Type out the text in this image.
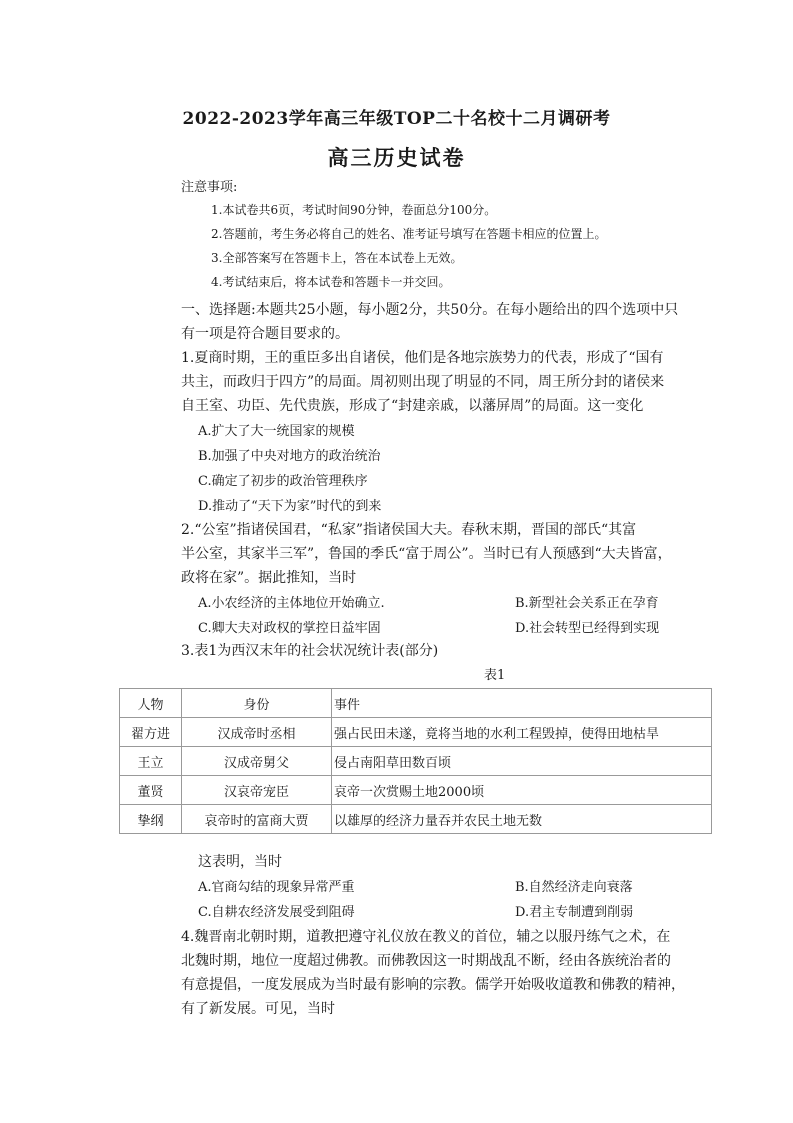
2022-2023学年高三年级TOP二十名校十二月调研考
高三历史试卷
注意事项:
1.本试卷共6页，考试时间90分钟，卷面总分100分。
2.答题前，考生务必将自己的姓名、准考证号填写在答题卡相应的位置上。
3.全部答案写在答题卡上，答在本试卷上无效。
4.考试结束后，将本试卷和答题卡一并交回。
一、选择题:本题共25小题，每小题2分，共50分。在每小题给出的四个选项中只
有一项是符合题目要求的。
1.夏商时期，王的重臣多出自诸侯，他们是各地宗族势力的代表，形成了“国有
共主，而政归于四方”的局面。周初则出现了明显的不同，周王所分封的诸侯来
自王室、功臣、先代贵族，形成了“封建亲戚，以藩屏周”的局面。这一变化
A.扩大了大一统国家的规模
B.加强了中央对地方的政治统治
C.确定了初步的政治管理秩序
D.推动了“天下为家”时代的到来
2.“公室”指诸侯国君，“私家”指诸侯国大夫。春秋末期，晋国的部氏“其富
半公室，其家半三军”，鲁国的季氏“富于周公”。当时已有人预感到“大夫皆富，
政将在家”。据此推知，当时
A.小农经济的主体地位开始确立.	B.新型社会关系正在孕育
C.卿大夫对政权的掌控日益牢固	D.社会转型已经得到实现
3.表1为西汉末年的社会状况统计表(部分)
表1
人物	身份	事件
翟方进	汉成帝时丞相	强占民田未遂，竟将当地的水利工程毁掉，使得田地枯旱
王立	汉成帝舅父	侵占南阳草田数百顷
董贤	汉哀帝宠臣	哀帝一次赏赐土地2000顷
挚纲	哀帝时的富商大贾	以雄厚的经济力量吞并农民土地无数
这表明，当时
A.官商勾结的现象异常严重	B.自然经济走向衰落
C.自耕农经济发展受到阻碍	D.君主专制遭到削弱
4.魏晋南北朝时期，道教把遵守礼仪放在教义的首位，辅之以服丹练气之术，在
北魏时期，地位一度超过佛教。而佛教因这一时期战乱不断，经由各族统治者的
有意提倡，一度发展成为当时最有影响的宗教。儒学开始吸收道教和佛教的精神，
有了新发展。可见，当时
